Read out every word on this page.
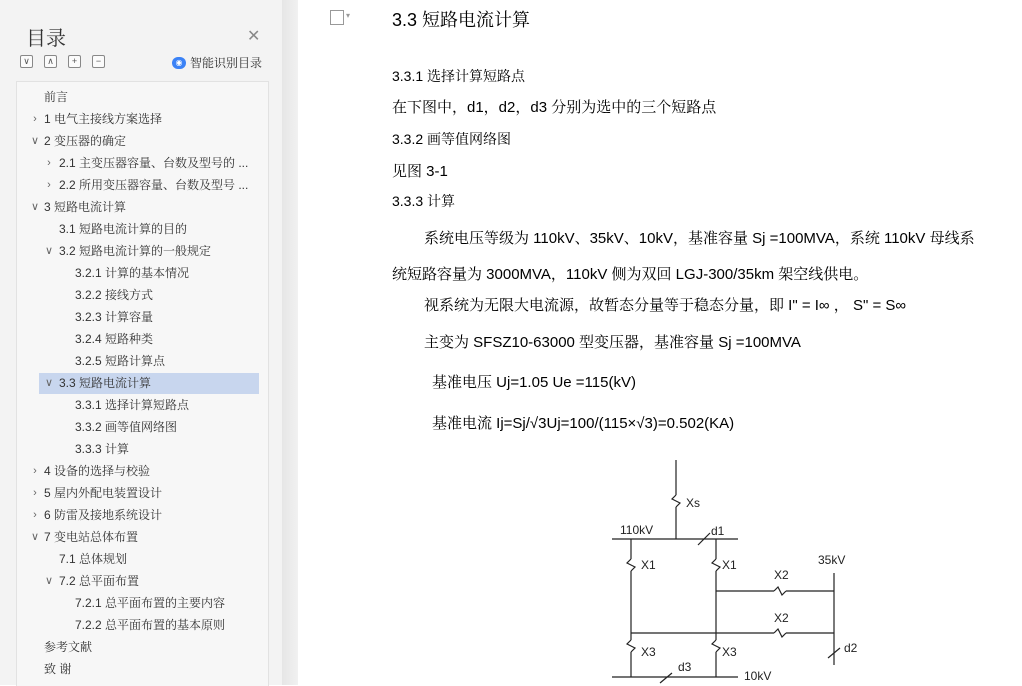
目录	✕
∨	∧	+	−	◉ 智能识别目录
前言
› 1 电气主接线方案选择
∨ 2 变压器的确定
› 2.1 主变压器容量、台数及型号的 ...
› 2.2 所用变压器容量、台数及型号 ...
∨ 3 短路电流计算
3.1 短路电流计算的目的
∨ 3.2 短路电流计算的一般规定
3.2.1 计算的基本情况
3.2.2 接线方式
3.2.3 计算容量
3.2.4 短路种类
3.2.5 短路计算点
∨ 3.3 短路电流计算
3.3.1 选择计算短路点
3.3.2 画等值网络图
3.3.3 计算
› 4 设备的选择与校验
› 5 屋内外配电装置设计
› 6 防雷及接地系统设计
∨ 7 变电站总体布置
7.1 总体规划
∨ 7.2 总平面布置
7.2.1 总平面布置的主要内容
7.2.2 总平面布置的基本原则
参考文献
致 谢
▾ 3.3 短路电流计算
3.3.1 选择计算短路点
在下图中，d1，d2，d3 分别为选中的三个短路点
3.3.2 画等值网络图
见图 3-1
3.3.3 计算
系统电压等级为 110kV、35kV、10kV，基准容量 Sj =100MVA，系统 110kV 母线系
统短路容量为 3000MVA，110kV 侧为双回 LGJ-300/35km 架空线供电。
视系统为无限大电流源，故暂态分量等于稳态分量，即 I" = I∞ ， S" = S∞
主变为 SFSZ10-63000 型变压器，基准容量 Sj =100MVA
基准电压 Uj=1.05 Ue =115(kV)
基准电流 Ij=Sj/√3Uj=100/(115×√3)=0.502(KA)
Xs
110kV	d1
X1	X1	35kV
X2
X2
d2
X3	X3
d3
10kV
